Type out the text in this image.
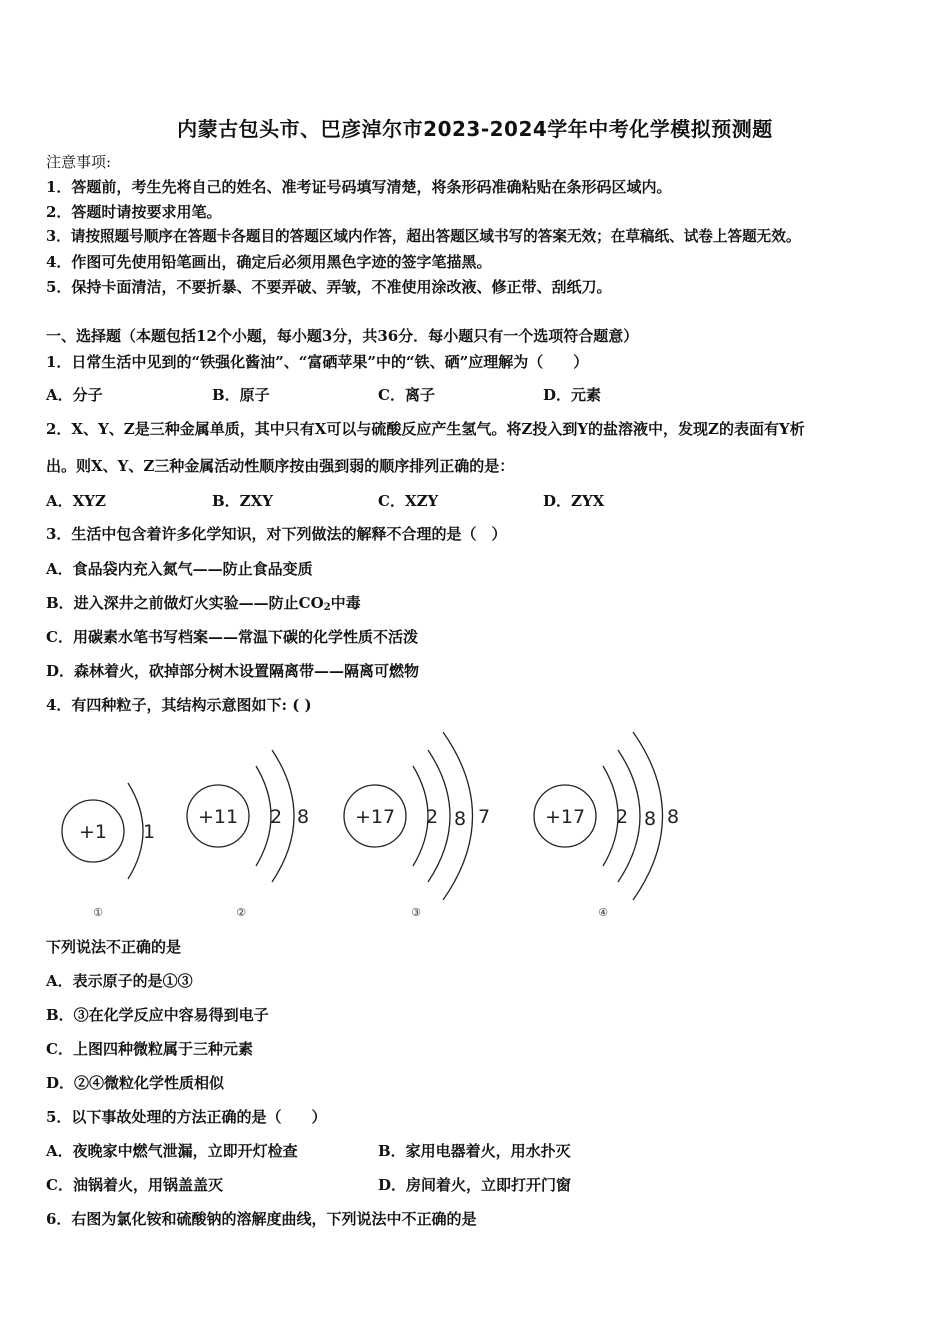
内蒙古包头市、巴彦淖尔市2023-2024学年中考化学模拟预测题
注意事项:
1．答题前，考生先将自己的姓名、准考证号码填写清楚，将条形码准确粘贴在条形码区域内。
2．答题时请按要求用笔。
3．请按照题号顺序在答题卡各题目的答题区域内作答，超出答题区域书写的答案无效；在草稿纸、试卷上答题无效。
4．作图可先使用铅笔画出，确定后必须用黑色字迹的签字笔描黑。
5．保持卡面清洁，不要折暴、不要弄破、弄皱，不准使用涂改液、修正带、刮纸刀。
一、选择题（本题包括12个小题，每小题3分，共36分．每小题只有一个选项符合题意）
1．日常生活中见到的“铁强化酱油”、“富硒苹果”中的“铁、硒”应理解为（　　）
A．分子	B．原子	C．离子	D．元素
2．X、Y、Z是三种金属单质，其中只有X可以与硫酸反应产生氢气。将Z投入到Y的盐溶液中，发现Z的表面有Y析
出。则X、Y、Z三种金属活动性顺序按由强到弱的顺序排列正确的是：
A．XYZ	B．ZXY	C．XZY	D．ZYX
3．生活中包含着许多化学知识，对下列做法的解释不合理的是（　）
A．食品袋内充入氮气——防止食品变质
B．进入深井之前做灯火实验——防止$CO_2$中毒
C．用碳素水笔书写档案——常温下碳的化学性质不活泼
D．森林着火，砍掉部分树木设置隔离带——隔离可燃物
4．有四种粒子，其结构示意图如下: ( )
+1 1
+11 2 8 +17 2 8 7	+17 2 8 8
①	②	③	④
下列说法不正确的是
A．表示原子的是①③
B．③在化学反应中容易得到电子
C．上图四种微粒属于三种元素
D．②④微粒化学性质相似
5．以下事故处理的方法正确的是（　　）
A．夜晚家中燃气泄漏，立即开灯检查	B．家用电器着火，用水扑灭
C．油锅着火，用锅盖盖灭	D．房间着火，立即打开门窗
6．右图为氯化铵和硫酸钠的溶解度曲线，下列说法中不正确的是
